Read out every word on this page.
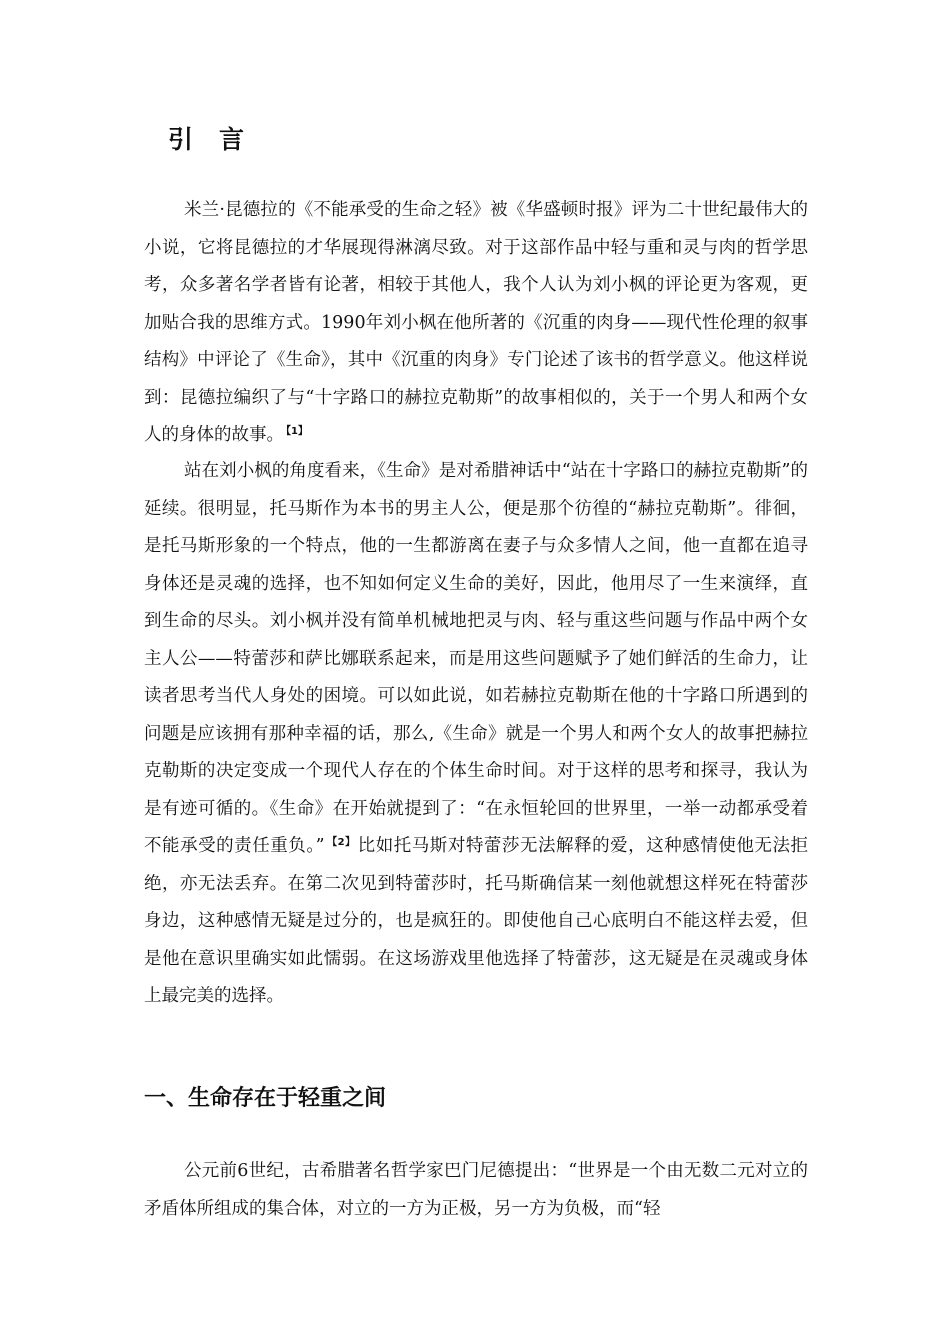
引 言

米兰·昆德拉的《不能承受的生命之轻》被《华盛顿时报》评为二十世纪最伟大的小说，它将昆德拉的才华展现得淋漓尽致。对于这部作品中轻与重和灵与肉的哲学思考，众多著名学者皆有论著，相较于其他人，我个人认为刘小枫的评论更为客观，更加贴合我的思维方式。1990年刘小枫在他所著的《沉重的肉身——现代性伦理的叙事结构》中评论了《生命》，其中《沉重的肉身》专门论述了该书的哲学意义。他这样说到：昆德拉编织了与“十字路口的赫拉克勒斯”的故事相似的，关于一个男人和两个女人的身体的故事。 $^{【1】}$

站在刘小枫的角度看来，《生命》是对希腊神话中“站在十字路口的赫拉克勒斯”的延续。很明显，托马斯作为本书的男主人公，便是那个彷徨的“赫拉克勒斯”。徘徊，是托马斯形象的一个特点，他的一生都游离在妻子与众多情人之间，他一直都在追寻身体还是灵魂的选择，也不知如何定义生命的美好，因此，他用尽了一生来演绎，直到生命的尽头。刘小枫并没有简单机械地把灵与肉、轻与重这些问题与作品中两个女主人公——特蕾莎和萨比娜联系起来，而是用这些问题赋予了她们鲜活的生命力，让读者思考当代人身处的困境。可以如此说，如若赫拉克勒斯在他的十字路口所遇到的问题是应该拥有那种幸福的话，那么,《生命》就是一个男人和两个女人的故事把赫拉克勒斯的决定变成一个现代人存在的个体生命时间。对于这样的思考和探寻，我认为是有迹可循的。《生命》在开始就提到了：“在永恒轮回的世界里，一举一动都承受着不能承受的责任重负。” $^{【2】}$ 比如托马斯对特蕾莎无法解释的爱，这种感情使他无法拒绝，亦无法丢弃。在第二次见到特蕾莎时，托马斯确信某一刻他就想这样死在特蕾莎身边，这种感情无疑是过分的，也是疯狂的。即使他自己心底明白不能这样去爱，但是他在意识里确实如此懦弱。在这场游戏里他选择了特蕾莎，这无疑是在灵魂或身体上最完美的选择。

一、生命存在于轻重之间

公元前6世纪，古希腊著名哲学家巴门尼德提出：“世界是一个由无数二元对立的矛盾体所组成的集合体，对立的一方为正极，另一方为负极，而“轻
